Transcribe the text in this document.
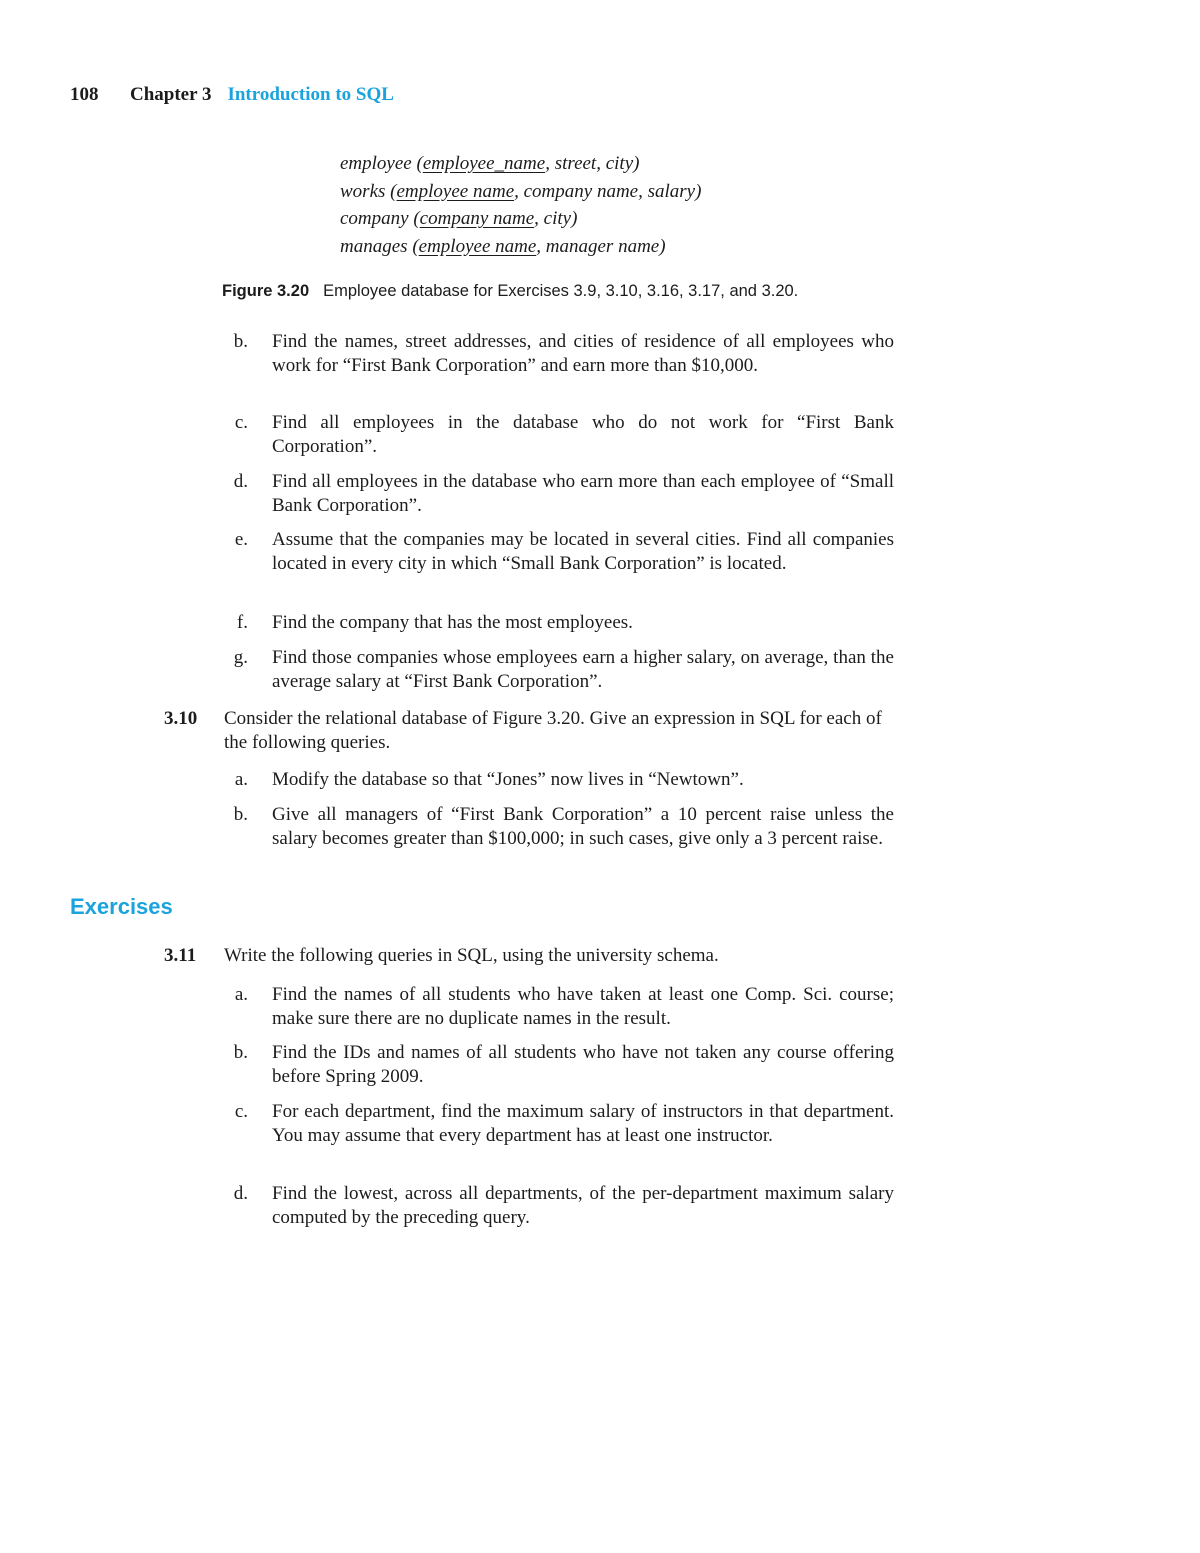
108 Chapter 3 Introduction to SQL
employee (employee_name, street, city)
works (employee name, company name, salary)
company (company name, city)
manages (employee name, manager name)
Figure 3.20 Employee database for Exercises 3.9, 3.10, 3.16, 3.17, and 3.20.
b. Find the names, street addresses, and cities of residence of all employees who work for “First Bank Corporation” and earn more than $10,000.
c. Find all employees in the database who do not work for “First Bank Corporation”.
d. Find all employees in the database who earn more than each employee of “Small Bank Corporation”.
e. Assume that the companies may be located in several cities. Find all companies located in every city in which “Small Bank Corporation” is located.
f. Find the company that has the most employees.
g. Find those companies whose employees earn a higher salary, on average, than the average salary at “First Bank Corporation”.
3.10 Consider the relational database of Figure 3.20. Give an expression in SQL for each of the following queries.
a. Modify the database so that “Jones” now lives in “Newtown”.
b. Give all managers of “First Bank Corporation” a 10 percent raise unless the salary becomes greater than $100,000; in such cases, give only a 3 percent raise.
Exercises
3.11 Write the following queries in SQL, using the university schema.
a. Find the names of all students who have taken at least one Comp. Sci. course; make sure there are no duplicate names in the result.
b. Find the IDs and names of all students who have not taken any course offering before Spring 2009.
c. For each department, find the maximum salary of instructors in that department. You may assume that every department has at least one instructor.
d. Find the lowest, across all departments, of the per-department maximum salary computed by the preceding query.
